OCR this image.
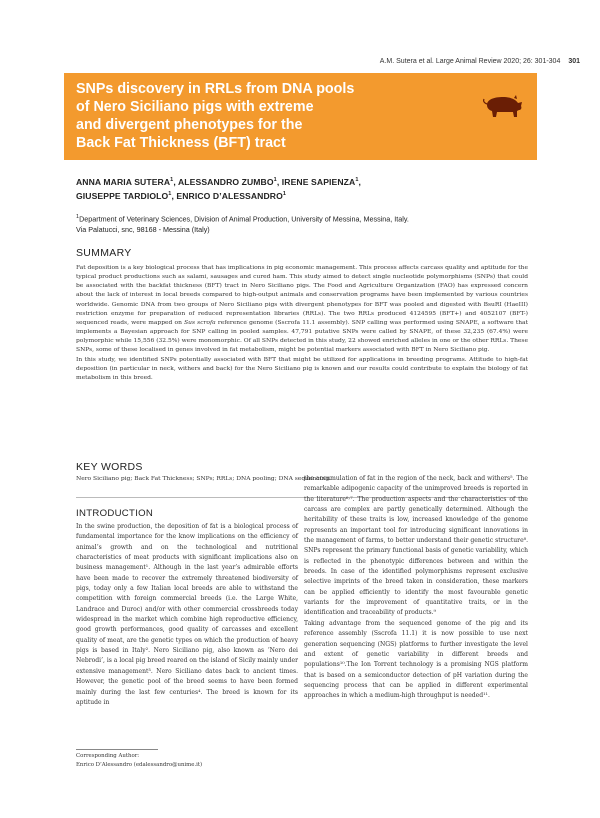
A.M. Sutera et al. Large Animal Review 2020; 26: 301-304 301
SNPs discovery in RRLs from DNA pools
of Nero Siciliano pigs with extreme
and divergent phenotypes for the
Back Fat Thickness (BFT) tract
ANNA MARIA SUTERA$^1$, ALESSANDRO ZUMBO$^1$, IRENE SAPIENZA$^1$,
GIUSEPPE TARDIOLO$^1$, ENRICO D’ALESSANDRO$^1$
$^1$Department of Veterinary Sciences, Division of Animal Production, University of Messina, Messina, Italy.
Via Palatucci, snc, 98168 - Messina (Italy)
SUMMARY

Fat deposition is a key biological process that has implications in pig economic management. This process affects carcass quality and aptitude for the typical product productions such as salami, sausages and cured ham. This study aimed to detect single nucleotide polymorphisms (SNPs) that could be associated with the backfat thickness (BFT) tract in Nero Siciliano pigs. The Food and Agriculture Organization (FAO) has expressed concern about the lack of interest in local breeds compared to high-output animals and conservation programs have been implemented by various countries worldwide. Genomic DNA from two groups of Nero Siciliano pigs with divergent phenotypes for BFT was pooled and digested with BsuRI (HaeIII) restriction enzyme for preparation of reduced representation libraries (RRLs). The two RRLs produced 4124595 (BFT+) and 4052107 (BFT-) sequenced reads, were mapped on Sus scrofa reference genome (Sscrofa 11.1 assembly). SNP calling was performed using SNAPE, a software that implements a Bayesian approach for SNP calling in pooled samples. 47,791 putative SNPs were called by SNAPE, of these 32,235 (67.4%) were polymorphic while 15,556 (32.5%) were monomorphic. Of all SNPs detected in this study, 22 showed enriched alleles in one or the other RRLs. These SNPs, some of these localised in genes involved in fat metabolism, might be potential markers associated with BFT in Nero Siciliano pig.

In this study, we identified SNPs potentially associated with BFT that might be utilized for applications in breeding programs. Attitude to high-fat deposition (in particular in neck, withers and back) for the Nero Siciliano pig is known and our results could contribute to explain the biology of fat metabolism in this breed.

KEY WORDS
Nero Siciliano pig; Back Fat Thickness; SNPs; RRLs; DNA pooling; DNA sequencing.
INTRODUCTION

In the swine production, the deposition of fat is a biological process of fundamental importance for the know implications on the efficiency of animal’s growth and on the technological and nutritional characteristics of meat products with significant implications also on business management¹. Although in the last year’s admirable efforts have been made to recover the extremely threatened biodiversity of pigs, today only a few Italian local breeds are able to withstand the competition with foreign commercial breeds (i.e. the Large White, Landrace and Duroc) and/or with other commercial crossbreeds today widespread in the market which combine high reproductive efficiency, good growth performances, good quality of carcasses and excellent quality of meat, are the genetic types on which the production of heavy pigs is based in Italy². Nero Siciliano pig, also known as ‘Nero dei Nebrodi’, is a local pig breed reared on the island of Sicily mainly under extensive management³. Nero Siciliano dates back to ancient times. However, the genetic pool of the breed seems to have been formed mainly during the last few centuries⁴. The breed is known for its aptitude in

the accumulation of fat in the region of the neck, back and withers⁵. The remarkable adipogenic capacity of the unimproved breeds is reported in the literature⁶˒⁷. The production aspects and the characteristics of the carcass are complex are partly genetically determined. Although the heritability of these traits is low, increased knowledge of the genome represents an important tool for introducing significant innovations in the management of farms, to better understand their genetic structure⁸. SNPs represent the primary functional basis of genetic variability, which is reflected in the phenotypic differences between and within the breeds. In case of the identified polymorphisms represent exclusive selective imprints of the breed taken in consideration, these markers can be applied efficiently to identify the most favourable genetic variants for the improvement of quantitative traits, or in the identification and traceability of products.⁹

Taking advantage from the sequenced genome of the pig and its reference assembly (Sscrofa 11.1) it is now possible to use next generation sequencing (NGS) platforms to further investigate the level and extent of genetic variability in different breeds and populations¹⁰.The Ion Torrent technology is a promising NGS platform that is based on a semiconductor detection of pH variation during the sequencing process that can be applied in different experimental approaches in which a medium-high throughput is needed¹¹.

Corresponding Author:
Enrico D’Alessandro (edalessandro@unime.it)
